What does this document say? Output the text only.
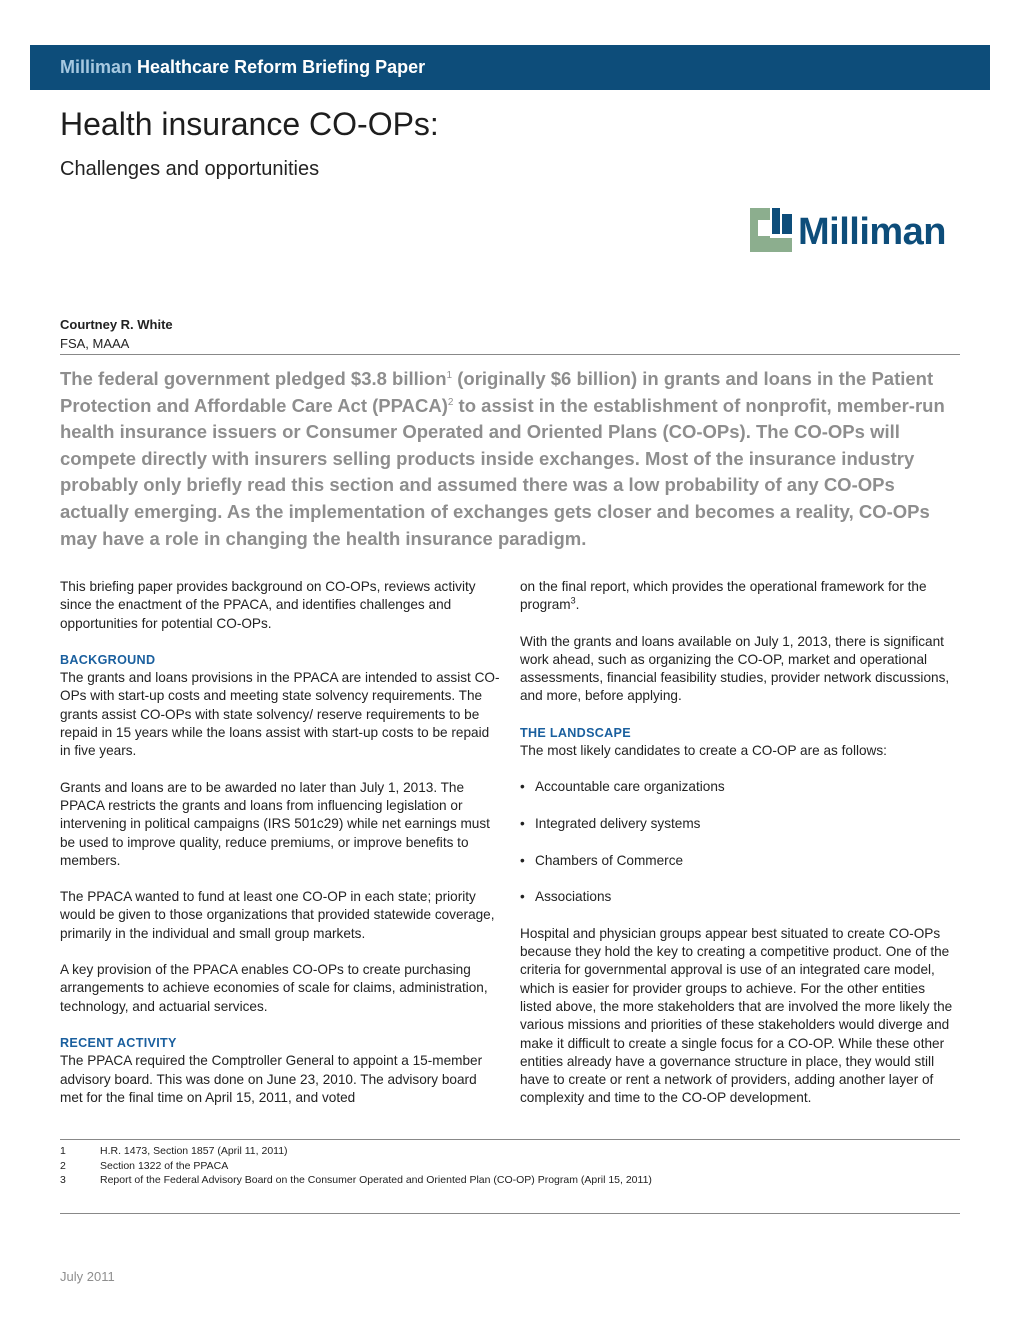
Milliman Healthcare Reform Briefing Paper
Health insurance CO-OPs:
Challenges and opportunities
Milliman
Courtney R. White
FSA, MAAA
The federal government pledged $3.8 billion$^1$ (originally $6 billion) in grants and loans in the Patient Protection and Affordable Care Act (PPACA)$^2$ to assist in the establishment of nonprofit, member-run health insurance issuers or Consumer Operated and Oriented Plans (CO-OPs). The CO-OPs will compete directly with insurers selling products inside exchanges. Most of the insurance industry probably only briefly read this section and assumed there was a low probability of any CO-OPs actually emerging. As the implementation of exchanges gets closer and becomes a reality, CO-OPs may have a role in changing the health insurance paradigm.

This briefing paper provides background on CO-OPs, reviews activity since the enactment of the PPACA, and identifies challenges and opportunities for potential CO-OPs.

BACKGROUND

The grants and loans provisions in the PPACA are intended to assist CO-OPs with start-up costs and meeting state solvency requirements. The grants assist CO-OPs with state solvency/ reserve requirements to be repaid in 15 years while the loans assist with start-up costs to be repaid in five years.

Grants and loans are to be awarded no later than July 1, 2013. The PPACA restricts the grants and loans from influencing legislation or intervening in political campaigns (IRS 501c29) while net earnings must be used to improve quality, reduce premiums, or improve benefits to members.

The PPACA wanted to fund at least one CO-OP in each state; priority would be given to those organizations that provided statewide coverage, primarily in the individual and small group markets.

A key provision of the PPACA enables CO-OPs to create purchasing arrangements to achieve economies of scale for claims, administration, technology, and actuarial services.

RECENT ACTIVITY

The PPACA required the Comptroller General to appoint a 15-member advisory board. This was done on June 23, 2010. The advisory board met for the final time on April 15, 2011, and voted

on the final report, which provides the operational framework for the program$^3$.

With the grants and loans available on July 1, 2013, there is significant work ahead, such as organizing the CO-OP, market and operational assessments, financial feasibility studies, provider network discussions, and more, before applying.

THE LANDSCAPE

The most likely candidates to create a CO-OP are as follows:

• Accountable care organizations
• Integrated delivery systems
• Chambers of Commerce
• Associations

Hospital and physician groups appear best situated to create CO-OPs because they hold the key to creating a competitive product. One of the criteria for governmental approval is use of an integrated care model, which is easier for provider groups to achieve. For the other entities listed above, the more stakeholders that are involved the more likely the various missions and priorities of these stakeholders would diverge and make it difficult to create a single focus for a CO-OP. While these other entities already have a governance structure in place, they would still have to create or rent a network of providers, adding another layer of complexity and time to the CO-OP development.

1	H.R. 1473, Section 1857 (April 11, 2011)
2	Section 1322 of the PPACA
3	Report of the Federal Advisory Board on the Consumer Operated and Oriented Plan (CO-OP) Program (April 15, 2011)
July 2011
